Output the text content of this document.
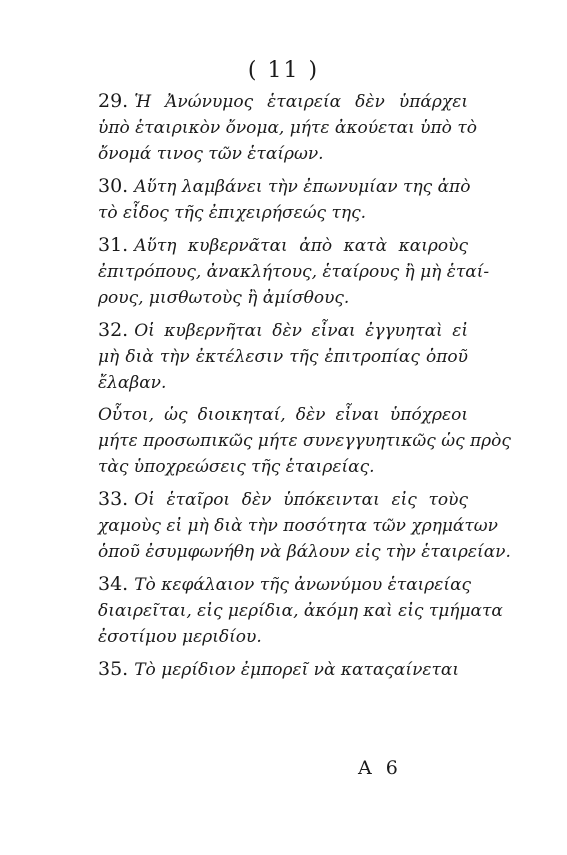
( 11 )
29. Ἡ Ἀνώνυμος ἑταιρεία δὲν ὑπάρχει
ὑπὸ ἑταιρικὸν ὄνομα, μήτε ἀκούεται ὑπὸ τὸ
ὄνομά τινος τῶν ἑταίρων.
30. Αὕτη λαμβάνει τὴν ἐπωνυμίαν της ἀπὸ
τὸ εἶδος τῆς ἐπιχειρήσεώς της.
31. Αὕτη κυβερνᾶται ἀπὸ κατὰ καιροὺς
ἐπιτρόπους, ἀνακλήτους, ἑταίρους ἢ μὴ ἑταί-
ρους, μισθωτοὺς ἢ ἀμίσθους.
32. Οἱ κυβερνῆται δὲν εἶναι ἐγγυηταὶ εἰ
μὴ διὰ τὴν ἐκτέλεσιν τῆς ἐπιτροπίας ὁποῦ
ἔλαβαν.
Οὗτοι, ὡς διοικηταί, δὲν εἶναι ὑπόχρεοι
μήτε προσωπικῶς μήτε συνεγγυητικῶς ὡς πρὸς
τὰς ὑποχρεώσεις τῆς ἑταιρείας.
33. Οἱ ἑταῖροι δὲν ὑπόκεινται εἰς τοὺς
χαμοὺς εἰ μὴ διὰ τὴν ποσότητα τῶν χρημάτων
ὁποῦ ἐσυμφωνήθη νὰ βάλουν εἰς τὴν ἑταιρείαν.
34. Τὸ κεφάλαιον τῆς ἀνωνύμου ἑταιρείας
διαιρεῖται, εἰς μερίδια, ἀκόμη καὶ εἰς τμήματα
ἐσοτίμου μεριδίου.
35. Τὸ μερίδιον ἐμπορεῖ νὰ καταςαίνεται
Α 6
